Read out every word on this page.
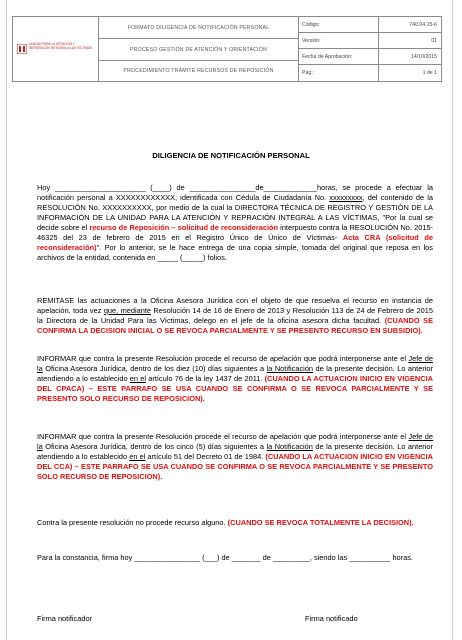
UNIDAD PARA LA ATENCIÓN Y REPARACIÓN INTEGRAL A LAS VÍCTIMAS
FORMATO DILIGENCIA DE NOTIFICACIÓN PERSONAL
PROCESO GESTIÓN DE ATENCIÓN Y ORIENTACIÓN
PROCEDIMIENTO TRÁMITE RECURSOS DE REPOSICIÓN
Código:
Versión:
Fecha de Aprobación:
Pág.:
740.04.15-6
01
14/10/2015
1 de 1
DILIGENCIA DE NOTIFICACIÓN PERSONAL
Hoy ______________________ (____) de ________________de_____________horas, se procede a efectuar la notificación personal a XXXXXXXXXXXX, identificada con Cédula de Ciudadanía No. xxxxxxxxx, del contenido de la RESOLUCIÓN No. XXXXXXXXXX, por medio de la cual la DIRECTORA TÉCNICA DE REGISTRO Y GESTIÓN DE LA INFORMACIÓN DE LA UNIDAD PARA LA ATENCIÓN Y REPRACIÓN INTEGRAL A LAS VÍCTIMAS, "Por la cual se decide sobre el recurso de Reposición – solicitud de reconsideración interpuesto contra la RESOLUCIÓN No. 2015-46325 del 23 de febrero de 2015 en el Registro Único de Único de Víctimas- Acta CRA (solicitud de reconsideración)". Por lo anterior, se le hace entrega de una copia simple, tomada del original que reposa en los archivos de la entidad, contenida en _____ (_____) folios.
REMITASE las actuaciones a la Oficina Asesora Jurídica con el objeto de que resuelva el recurso en instancia de apelación, toda vez que, mediante Resolución 14 de 16 de Enero de 2013 y Resolución 113 de 24 de Febrero de 2015 la Directora de la Unidad Para las Víctimas, delego en el jefe de la oficina asesora dicha facultad. (CUANDO SE CONFIRMA LA DECISION INICIAL O SE REVOCA PARCIALMENTE Y SE PRESENTO RECURSO EN SUBSIDIO).
INFORMAR que contra la presente Resolución procede el recurso de apelación que podrá interponerse ante el Jefe de la Oficina Asesora Jurídica, dentro de los diez (10) días siguientes a la Notificación de la presente decisión. Lo anterior atendiendo a lo establecido en el artículo 76 de la ley 1437 de 2011. (CUANDO LA ACTUACION INICIO EN VIGENCIA DEL CPACA) – ESTE PARRAFO SE USA CUANDO SE CONFIRMA O SE REVOCA PARCIALMENTE Y SE PRESENTO SOLO RECURSO DE REPOSICION).
INFORMAR que contra la presente Resolución procede el recurso de apelación que podrá interponerse ante el Jefe de la Oficina Asesora Jurídica, dentro de los cinco (5) días siguientes a la Notificación de la presente decisión. Lo anterior atendiendo a lo establecido en el artículo 51 del Decreto 01 de 1984. (CUANDO LA ACTUACION INICIO EN VIGENCIA DEL CCA) – ESTE PARRAFO SE USA CUANDO SE CONFIRMA O SE REVOCA PARCIALMENTE Y SE PRESENTO SOLO RECURSO DE REPOSICION).
Contra la presente resolución no procede recurso alguno. (CUANDO SE REVOCA TOTALMENTE LA DECISION).
Para la constancia, firma hoy ________________ (___) de _______ de _________, siendo las __________ horas.
Firma notificador	Firma notificado
